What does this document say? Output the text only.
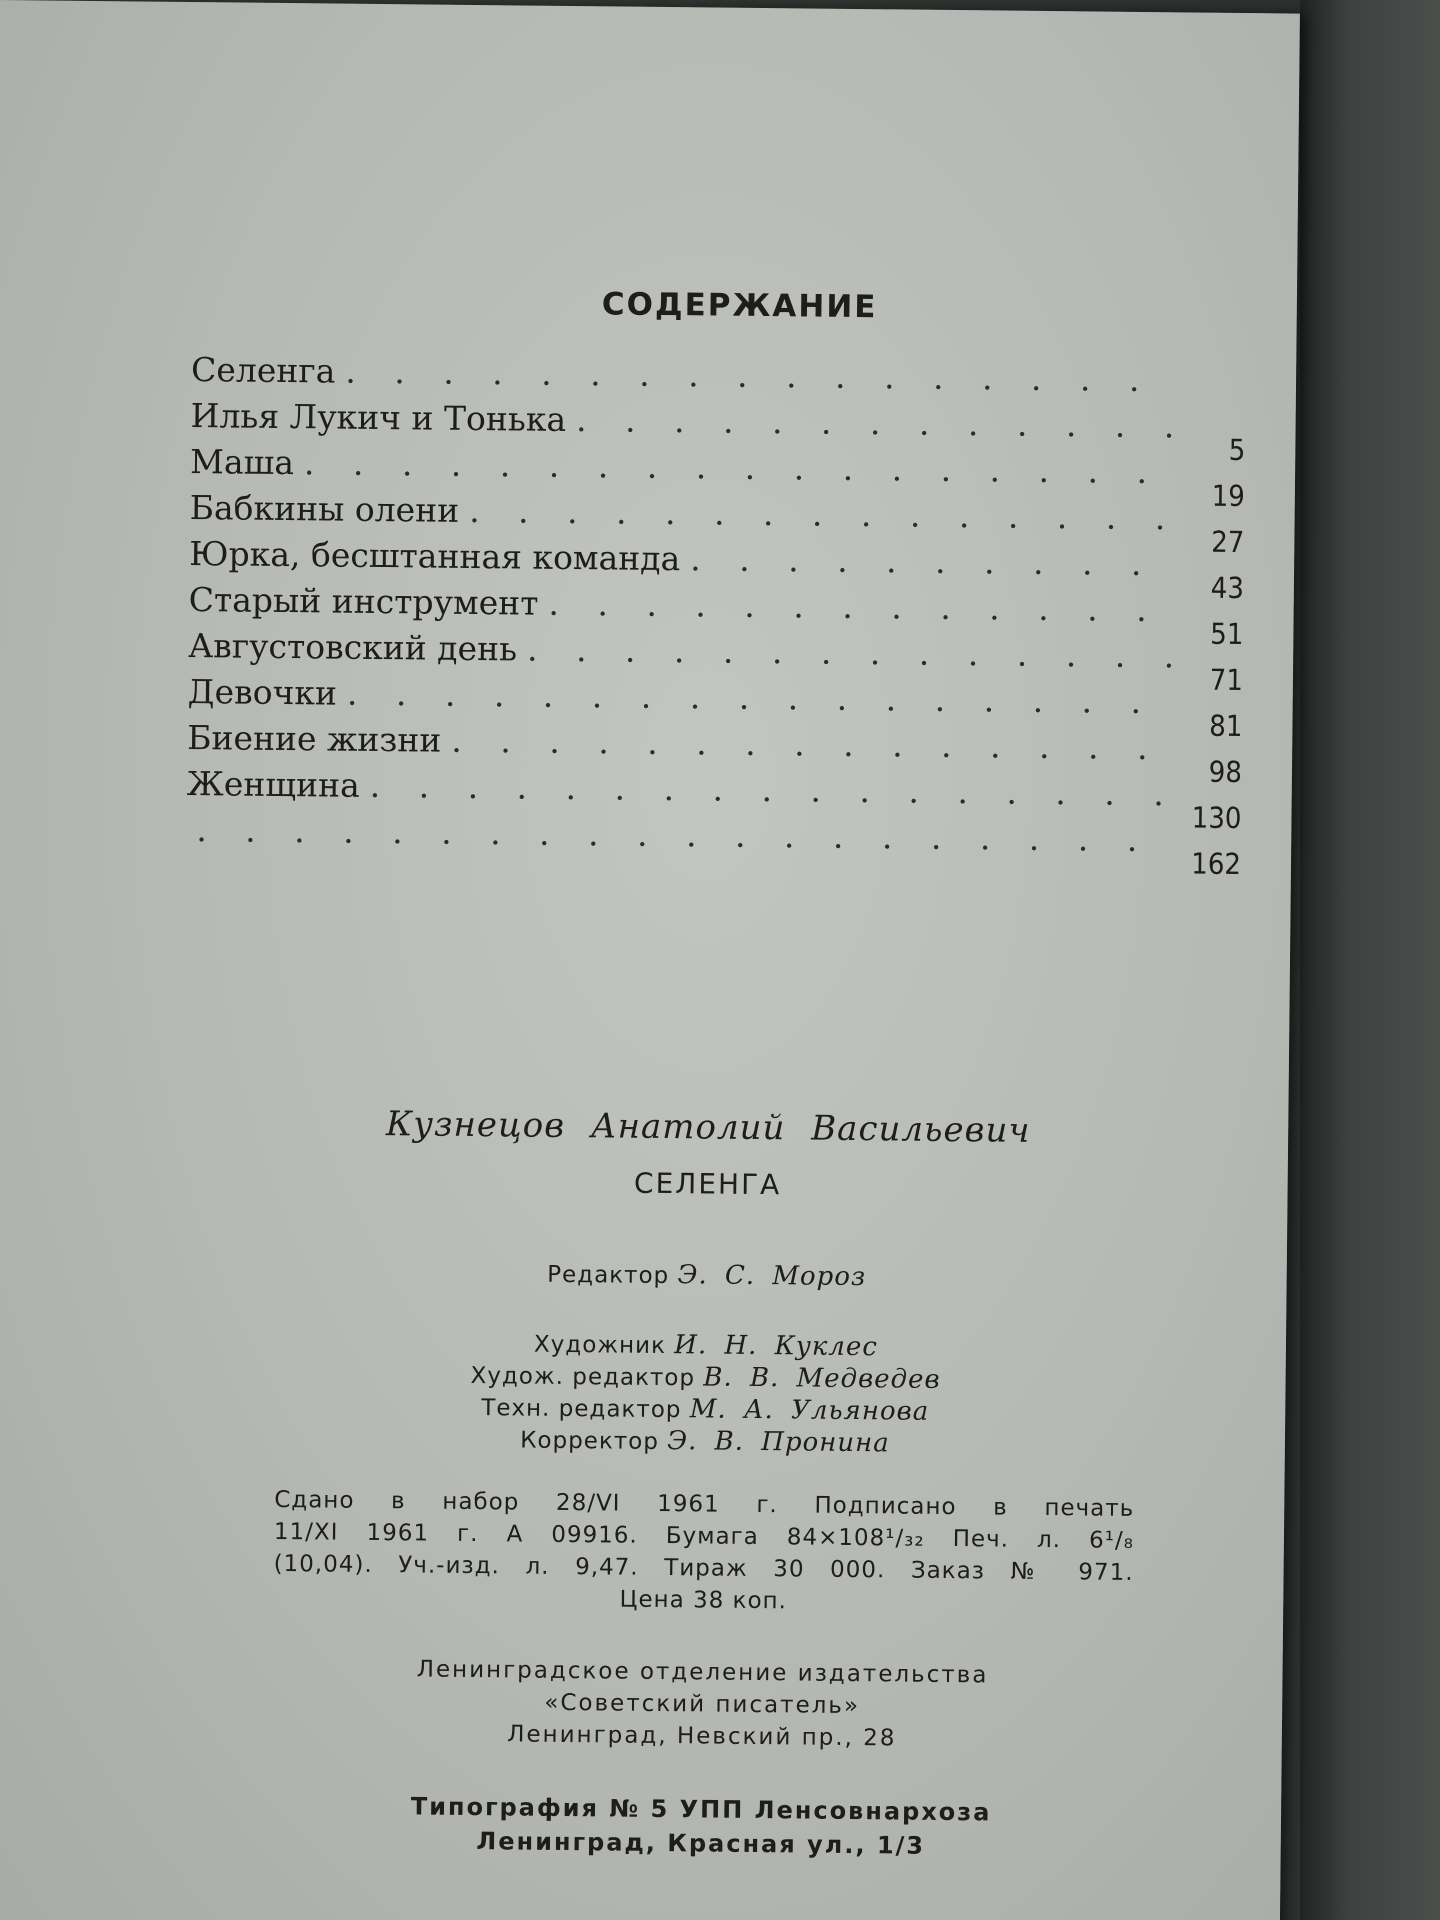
СОДЕРЖАНИЕ
Селенга
. . .
Илья Лукич и Тонька
. . .
5
Маша
. . .
19
Бабкины олени
. . .
27
Юрка, бесштанная команда
. . .
43
Старый инструмент
. . .
51
Августовский день
. . .
71
Девочки
. . .
81
Биение жизни
. . .
98
Женщина
. . .
130
. . .
162

Кузнецов Анатолий Васильевич

СЕЛЕНГА

Редактор Э. С. Мороз

Художник И. Н. Куклес

Худож. редактор В. В. Медведев

Техн. редактор М. А. Ульянова

Корректор Э. В. Пронина

Сдано в набор 28/VI 1961 г. Подписано в печать
11/XI 1961 г. А 09916. Бумага 84×108¹/₃₂ Печ. л. 6¹/₈
(10,04). Уч.-изд. л. 9,47. Тираж 30 000. Заказ № 971.
Цена 38 коп.

Ленинградское отделение издательства

«Советский писатель»

Ленинград, Невский пр., 28

Типография № 5 УПП Ленсовнархоза

Ленинград, Красная ул., 1/3
